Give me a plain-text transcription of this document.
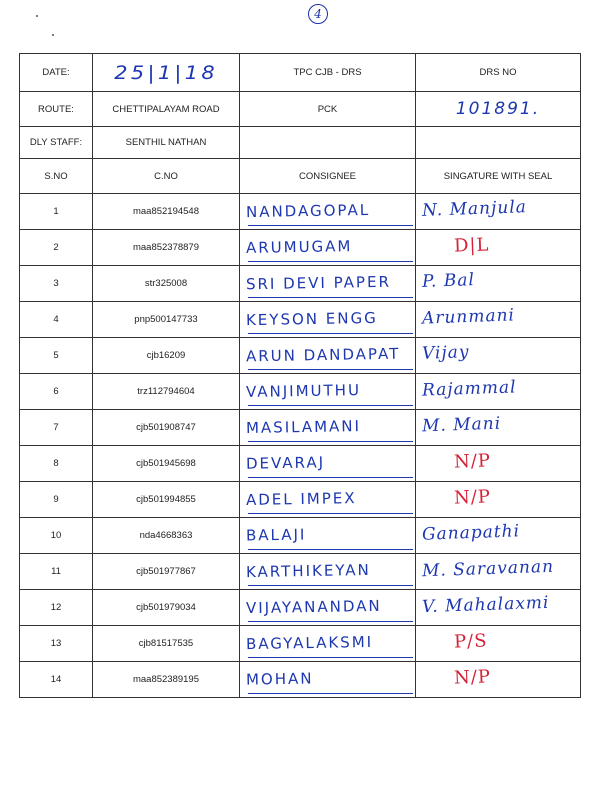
4
DATE:	25|1|18	TPC CJB - DRS	DRS NO
ROUTE:	CHETTIPALAYAM ROAD	PCK	101891.
DLY STAFF:	SENTHIL NATHAN		
S.NO	C.NO	CONSIGNEE	SINGATURE WITH SEAL
1	maa852194548	NANDAGOPAL	N. Manjula

2	maa852378879	ARUMUGAM	D|L

3	str325008	SRI DEVI PAPER	P. Bal

4	pnp500147733	KEYSON ENGG	Arunmani

5	cjb16209	ARUN DANDAPAT	Vijay

6	trz112794604	VANJIMUTHU	Rajammal

7	cjb501908747	MASILAMANI	M. Mani

8	cjb501945698	DEVARAJ	N/P

9	cjb501994855	ADEL IMPEX	N/P

10	nda4668363	BALAJI	Ganapathi

11	cjb501977867	KARTHIKEYAN	M. Saravanan

12	cjb501979034	VIJAYANANDAN	V. Mahalaxmi

13	cjb81517535	BAGYALAKSMI	P/S

14	maa852389195	MOHAN	N/P
